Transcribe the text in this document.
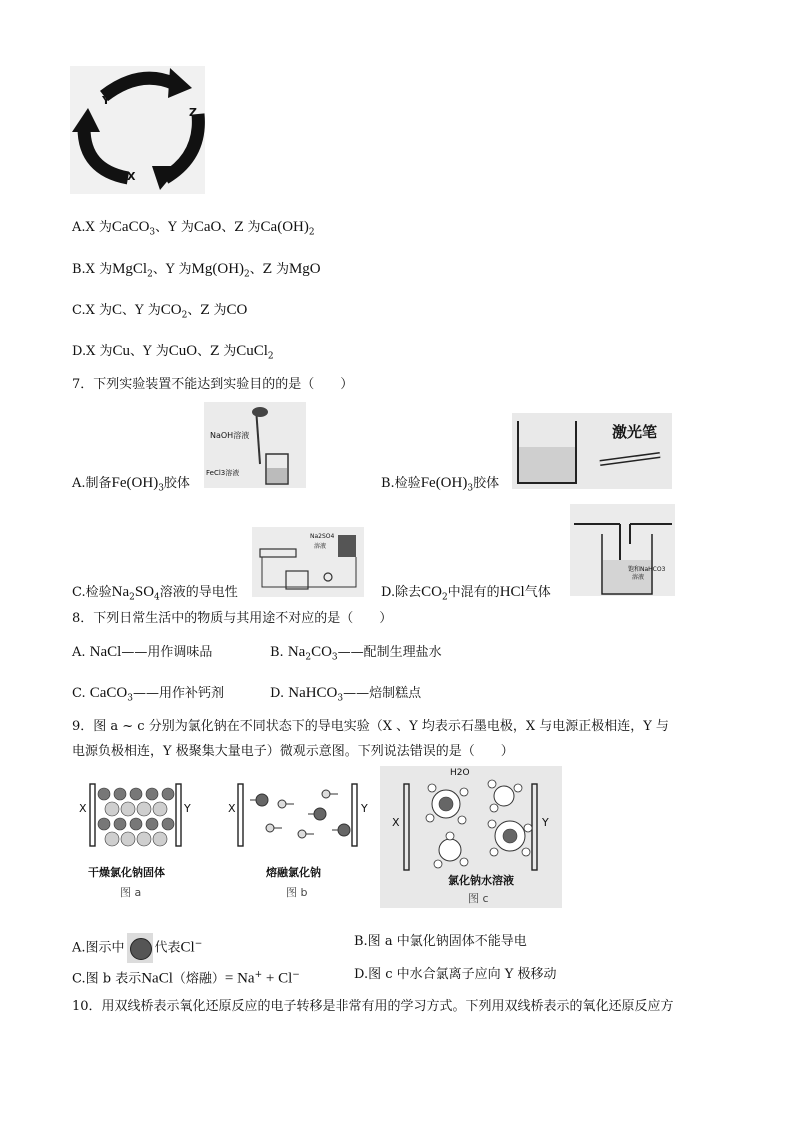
Y
Z
X
A.X 为CaCO$_3$、Y 为CaO、Z 为$Ca(OH)_2$
B.X 为MgCl$_2$、Y 为$Mg(OH)_2$、Z 为MgO
C.X 为C、Y 为$CO_2$、Z 为CO
D.X 为Cu、Y 为CuO、Z 为CuCl$_2$
7．下列实验装置不能达到实验目的的是（　　）
NaOH溶液
FeCl3溶液
A.制备$Fe(OH)_3$胶体
激光笔
B.检验$Fe(OH)_3$胶体
Na2SO4
溶液
C.检验$Na_2SO_4$溶液的导电性
饱和NaHCO3
溶液
D.除去$CO_2$中混有的HCl气体
8．下列日常生活中的物质与其用途不对应的是（　　）
A. NaCl——用作调味品	B. $Na_2CO_3——$配制生理盐水
C. CaCO$_3$——用作补钙剂	D. NaHCO$_3$——焙制糕点
9．图 a ~ c 分别为氯化钠在不同状态下的导电实验（X 、Y 均表示石墨电极，X 与电源正极相连，Y 与
电源负极相连，Y 极聚集大量电子）微观示意图。下列说法错误的是（　　）
X	Y
干燥氯化钠固体
图 a
X	Y
熔融氯化钠
图 b
X	Y
H2O
氯化钠水溶液
图 c
A.图示中 代表Cl−	B.图 a 中氯化钠固体不能导电
C.图 b 表示NaCl（熔融）= Na+ + Cl−	D.图 c 中水合氯离子应向 Y 极移动
10．用双线桥表示氧化还原反应的电子转移是非常有用的学习方式。下列用双线桥表示的氧化还原反应方
